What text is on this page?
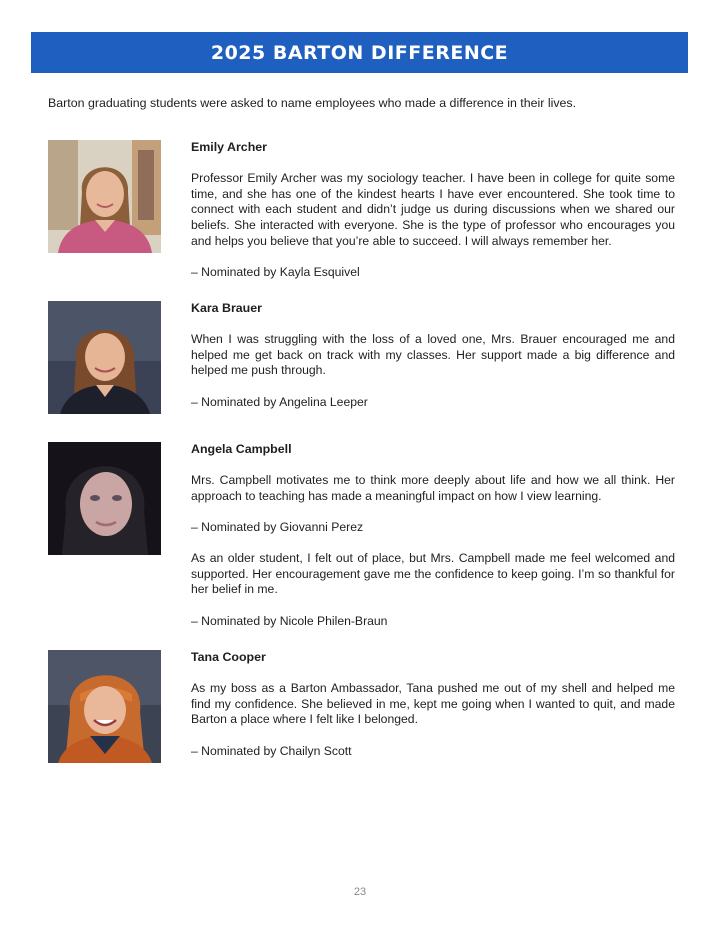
2025 BARTON DIFFERENCE
Barton graduating students were asked to name employees who made a difference in their lives.
Emily Archer

Professor Emily Archer was my sociology teacher. I have been in college for quite some time, and she has one of the kindest hearts I have ever encountered. She took time to connect with each student and didn’t judge us during discussions when we shared our beliefs. She interacted with everyone. She is the type of professor who encourages you and helps you believe that you’re able to succeed. I will always remember her.

– Nominated by Kayla Esquivel

Kara Brauer

When I was struggling with the loss of a loved one, Mrs. Brauer encouraged me and helped me get back on track with my classes. Her support made a big difference and helped me push through.

– Nominated by Angelina Leeper

Angela Campbell

Mrs. Campbell motivates me to think more deeply about life and how we all think. Her approach to teaching has made a meaningful impact on how I view learning.

– Nominated by Giovanni Perez

As an older student, I felt out of place, but Mrs. Campbell made me feel welcomed and supported. Her encouragement gave me the confidence to keep going. I’m so thankful for her belief in me.

– Nominated by Nicole Philen-Braun

Tana Cooper

As my boss as a Barton Ambassador, Tana pushed me out of my shell and helped me find my confidence. She believed in me, kept me going when I wanted to quit, and made Barton a place where I felt like I belonged.

– Nominated by Chailyn Scott

23
